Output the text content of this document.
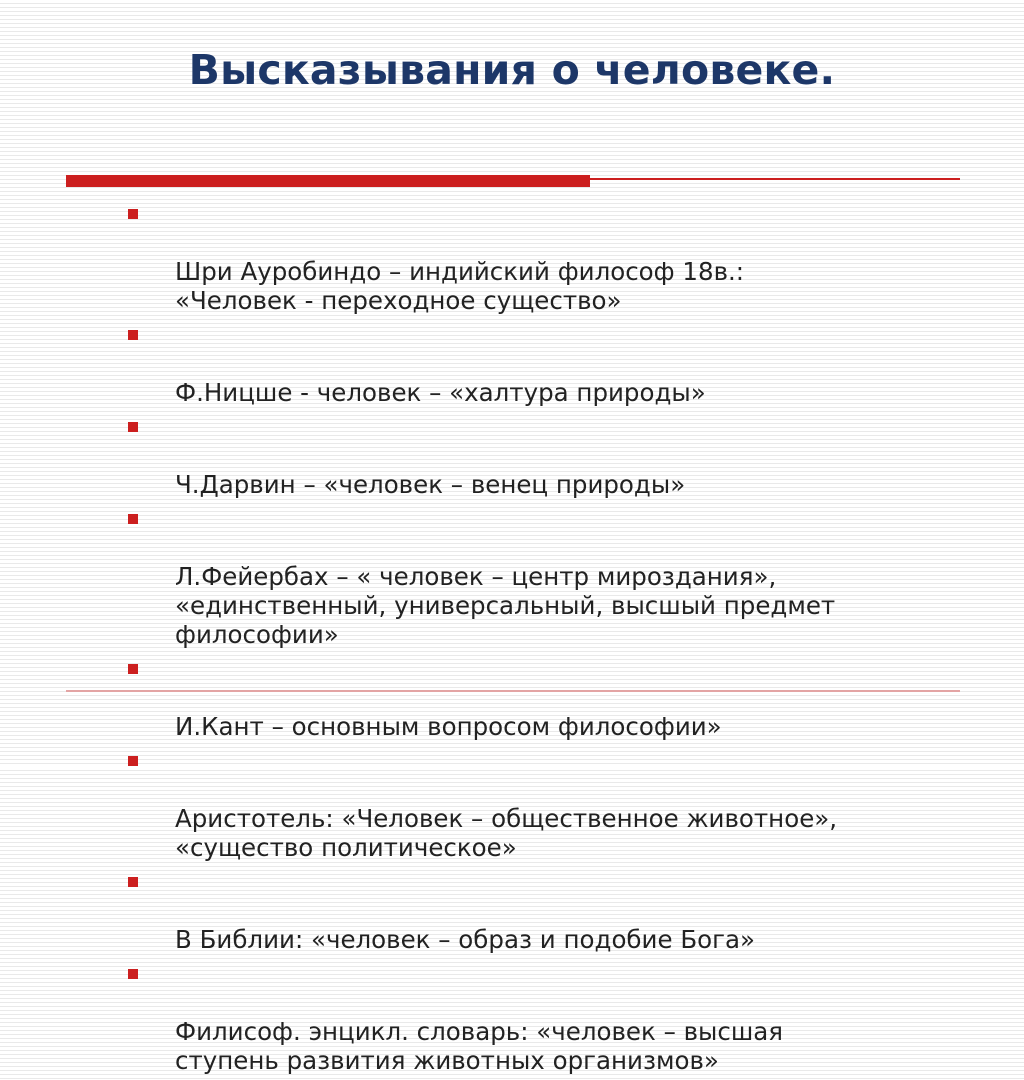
Высказывания о человеке.

Шри Ауробиндо – индийский философ 18в.:
«Человек - переходное существо»

Ф.Ницше - человек – «халтура природы»

Ч.Дарвин – «человек – венец природы»

Л.Фейербах – « человек – центр мироздания»,
«единственный, универсальный, высшый предмет
философии»

И.Кант – основным вопросом философии»

Аристотель: «Человек – общественное животное»,
«существо политическое»

В Библии: «человек – образ и подобие Бога»

Филисоф. энцикл. словарь: «человек – высшая
ступень развития животных организмов»
